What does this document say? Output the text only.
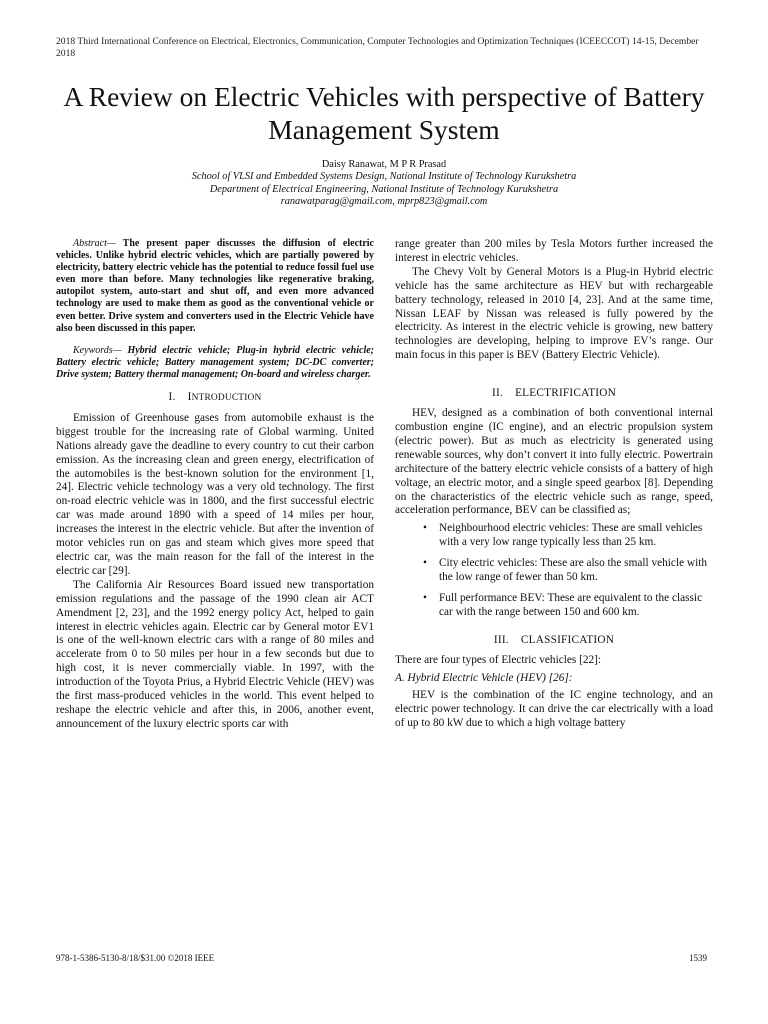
2018 Third International Conference on Electrical, Electronics, Communication, Computer Technologies and Optimization Techniques (ICEECCOT) 14-15, December 2018
A Review on Electric Vehicles with perspective of Battery Management System
Daisy Ranawat, M P R Prasad
School of VLSI and Embedded Systems Design, National Institute of Technology Kurukshetra
Department of Electrical Engineering, National Institute of Technology Kurukshetra
ranawatparag@gmail.com, mprp823@gmail.com

Abstract— The present paper discusses the diffusion of electric vehicles. Unlike hybrid electric vehicles, which are partially powered by electricity, battery electric vehicle has the potential to reduce fossil fuel use even more than before. Many technologies like regenerative braking, autopilot system, auto-start and shut off, and even more advanced technology are used to make them as good as the conventional vehicle or even better. Drive system and converters used in the Electric Vehicle have also been discussed in this paper.

Keywords— Hybrid electric vehicle; Plug-in hybrid electric vehicle; Battery electric vehicle; Battery management system; DC-DC converter; Drive system; Battery thermal management; On-board and wireless charger.

I. INTRODUCTION

Emission of Greenhouse gases from automobile exhaust is the biggest trouble for the increasing rate of Global warming. United Nations already gave the deadline to every country to cut their carbon emission. As the increasing clean and green energy, electrification of the automobiles is the best-known solution for the environment [1, 24]. Electric vehicle technology was a very old technology. The first on-road electric vehicle was in 1800, and the first successful electric car was made around 1890 with a speed of 14 miles per hour, increases the interest in the electric vehicle. But after the invention of motor vehicles run on gas and steam which gives more speed that electric car, was the main reason for the fall of the interest in the electric car [29].

The California Air Resources Board issued new transportation emission regulations and the passage of the 1990 clean air ACT Amendment [2, 23], and the 1992 energy policy Act, helped to gain interest in electric vehicles again. Electric car by General motor EV1 is one of the well-known electric cars with a range of 80 miles and accelerate from 0 to 50 miles per hour in a few seconds but due to high cost, it is never commercially viable. In 1997, with the introduction of the Toyota Prius, a Hybrid Electric Vehicle (HEV) was the first mass-produced vehicles in the world. This event helped to reshape the electric vehicle and after this, in 2006, another event, announcement of the luxury electric sports car with

range greater than 200 miles by Tesla Motors further increased the interest in electric vehicles.

The Chevy Volt by General Motors is a Plug-in Hybrid electric vehicle has the same architecture as HEV but with rechargeable battery technology, released in 2010 [4, 23]. And at the same time, Nissan LEAF by Nissan was released is fully powered by the electricity. As interest in the electric vehicle is growing, new battery technologies are developing, helping to improve EV’s range. Our main focus in this paper is BEV (Battery Electric Vehicle).

II. ELECTRIFICATION

HEV, designed as a combination of both conventional internal combustion engine (IC engine), and an electric propulsion system (electric power). But as much as electricity is generated using renewable sources, why don’t convert it into fully electric. Powertrain architecture of the battery electric vehicle consists of a battery of high voltage, an electric motor, and a single speed gearbox [8]. Depending on the characteristics of the electric vehicle such as range, speed, acceleration performance, BEV can be classified as;

• Neighbourhood electric vehicles: These are small vehicles with a very low range typically less than 25 km.
• City electric vehicles: These are also the small vehicle with the low range of fewer than 50 km.
• Full performance BEV: These are equivalent to the classic car with the range between 150 and 600 km.
III. CLASSIFICATION

There are four types of Electric vehicles [22]:

A. Hybrid Electric Vehicle (HEV) [26]:

HEV is the combination of the IC engine technology, and an electric power technology. It can drive the car electrically with a load of up to 80 kW due to which a high voltage battery

978-1-5386-5130-8/18/$31.00 ©2018 IEEE	1539
